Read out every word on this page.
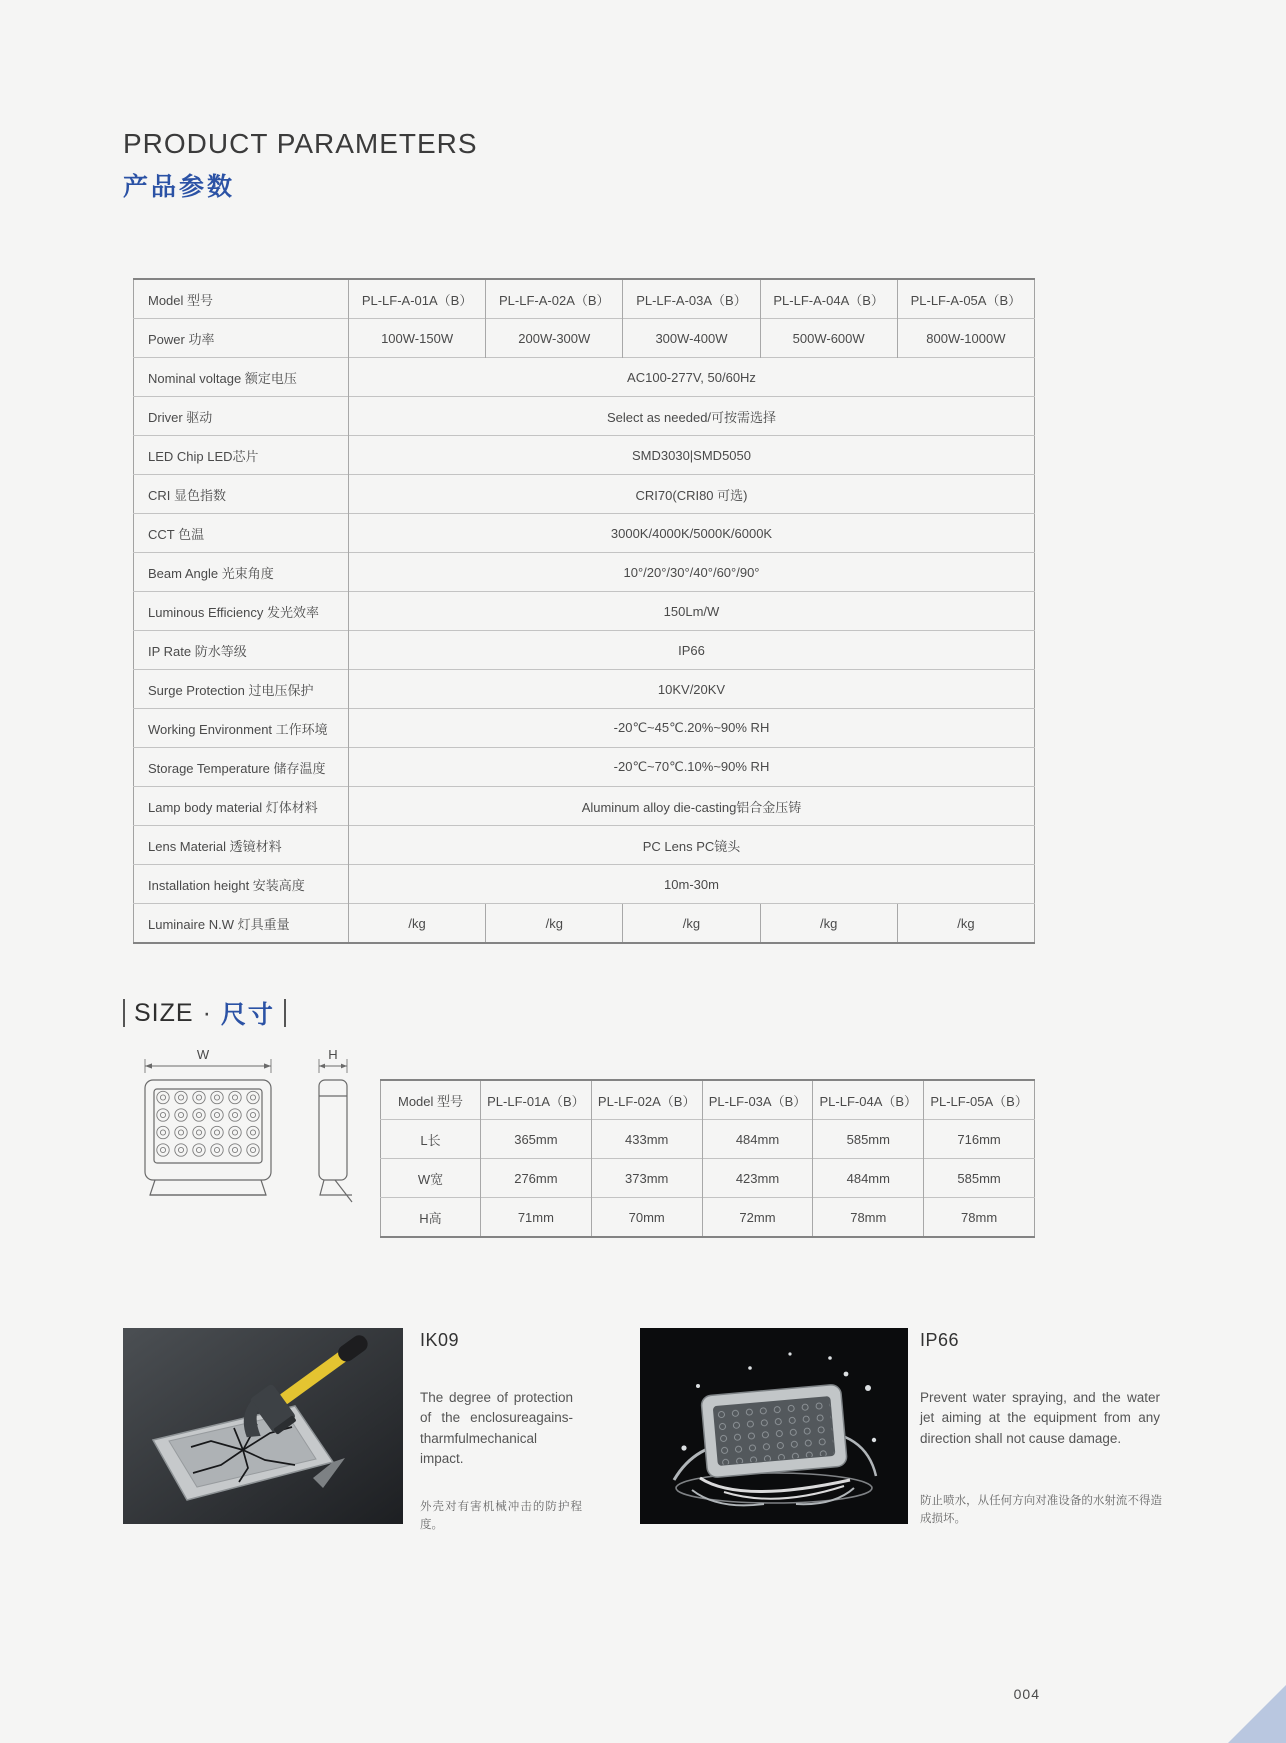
PRODUCT PARAMETERS
产品参数
Model 型号	PL-LF-A-01A（B）	PL-LF-A-02A（B）	PL-LF-A-03A（B）	PL-LF-A-04A（B）	PL-LF-A-05A（B）
Power 功率	100W-150W	200W-300W	300W-400W	500W-600W	800W-1000W
Nominal voltage 额定电压	AC100-277V, 50/60Hz				
Driver 驱动	Select as needed/可按需选择				
LED Chip LED芯片	SMD3030|SMD5050				
CRI 显色指数	CRI70(CRI80 可选)				
CCT 色温	3000K/4000K/5000K/6000K				
Beam Angle 光束角度	10°/20°/30°/40°/60°/90°				
Luminous Efficiency 发光效率	150Lm/W				
IP Rate 防水等级	IP66				
Surge Protection 过电压保护	10KV/20KV				
Working Environment 工作环境	-20℃~45℃.20%~90% RH				
Storage Temperature 储存温度	-20℃~70℃.10%~90% RH				
Lamp body material 灯体材料	Aluminum alloy die-casting铝合金压铸				
Lens Material 透镜材料	PC Lens PC镜头				
Installation height 安装高度	10m-30m				
Luminaire N.W 灯具重量	/kg	/kg	/kg	/kg	/kg
SIZE · 尺寸
W	H
Model 型号	PL-LF-01A（B）	PL-LF-02A（B）	PL-LF-03A（B）	PL-LF-04A（B）	PL-LF-05A（B）
L长	365mm	433mm	484mm	585mm	716mm
W宽	276mm	373mm	423mm	484mm	585mm
H高	71mm	70mm	72mm	78mm	78mm
IK09
The degree of protection of the enclosureagains-tharmfulmechanical impact.
外壳对有害机械冲击的防护程度。
IP66
Prevent water spraying, and the water jet aiming at the equipment from any direction shall not cause damage.
防止喷水，从任何方向对准设备的水射流不得造成损坏。
004
